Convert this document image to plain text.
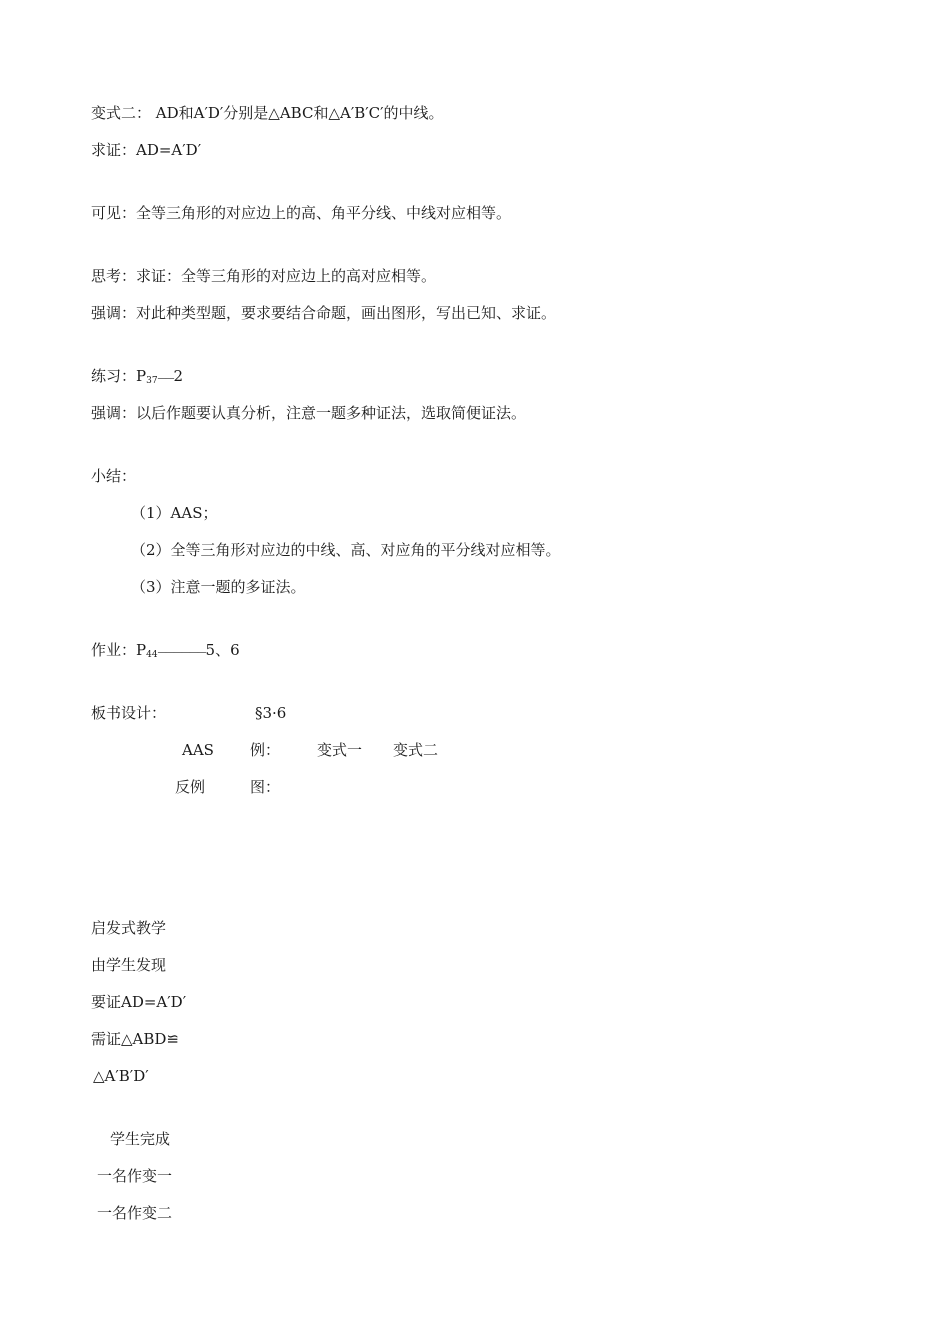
变式二： AD和A′D′分别是△ABC和△A′B′C′的中线。
求证：AD=A′D′
可见：全等三角形的对应边上的高、角平分线、中线对应相等。
思考：求证：全等三角形的对应边上的高对应相等。
强调：对此种类型题，要求要结合命题，画出图形，写出已知、求证。
练习：$P_{37}——2$
强调：以后作题要认真分析，注意一题多种证法，选取简便证法。
小结：
（1）AAS；
（2）全等三角形对应边的中线、高、对应角的平分线对应相等。
（3）注意一题的多证法。
作业：$P_{44}——————5$、6
板书设计：	§3·6
AAS 例： 变式一 变式二
反例	图：
启发式教学
由学生发现
要证AD=A′D′
需证△ABD≌
△A′B′D′
学生完成
一名作变一
一名作变二
